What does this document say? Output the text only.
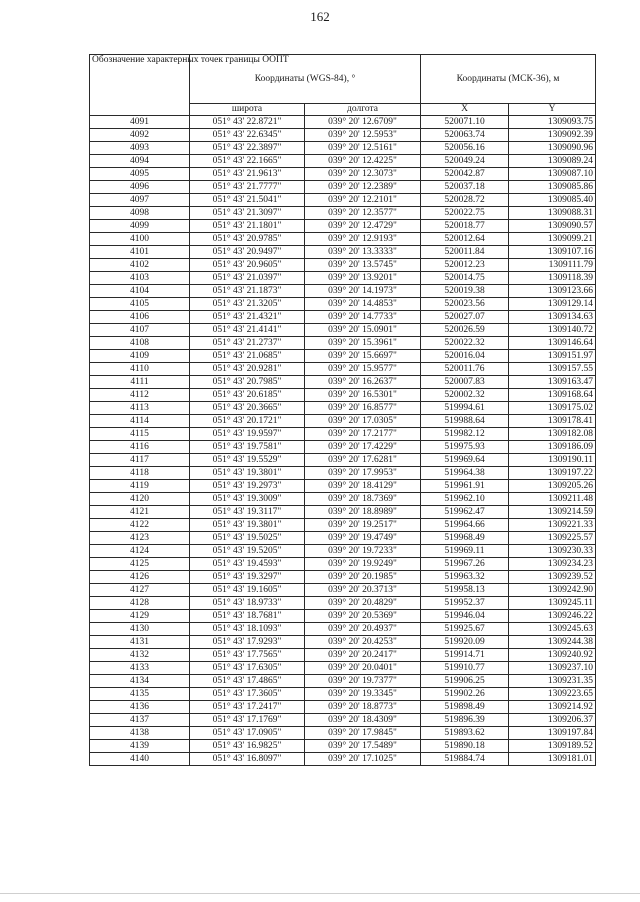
162
Обозначение характерных точек границы ООПТ	Координаты (WGS-84), °		Координаты (МСК-36), м	
	широта	долгота	X	Y
4091	051° 43' 22.8721"	039° 20' 12.6709"	520071.10	1309093.75
4092	051° 43' 22.6345"	039° 20' 12.5953"	520063.74	1309092.39
4093	051° 43' 22.3897"	039° 20' 12.5161"	520056.16	1309090.96
4094	051° 43' 22.1665"	039° 20' 12.4225"	520049.24	1309089.24
4095	051° 43' 21.9613"	039° 20' 12.3073"	520042.87	1309087.10
4096	051° 43' 21.7777"	039° 20' 12.2389"	520037.18	1309085.86
4097	051° 43' 21.5041"	039° 20' 12.2101"	520028.72	1309085.40
4098	051° 43' 21.3097"	039° 20' 12.3577"	520022.75	1309088.31
4099	051° 43' 21.1801"	039° 20' 12.4729"	520018.77	1309090.57
4100	051° 43' 20.9785"	039° 20' 12.9193"	520012.64	1309099.21
4101	051° 43' 20.9497"	039° 20' 13.3333"	520011.84	1309107.16
4102	051° 43' 20.9605"	039° 20' 13.5745"	520012.23	1309111.79
4103	051° 43' 21.0397"	039° 20' 13.9201"	520014.75	1309118.39
4104	051° 43' 21.1873"	039° 20' 14.1973"	520019.38	1309123.66
4105	051° 43' 21.3205"	039° 20' 14.4853"	520023.56	1309129.14
4106	051° 43' 21.4321"	039° 20' 14.7733"	520027.07	1309134.63
4107	051° 43' 21.4141"	039° 20' 15.0901"	520026.59	1309140.72
4108	051° 43' 21.2737"	039° 20' 15.3961"	520022.32	1309146.64
4109	051° 43' 21.0685"	039° 20' 15.6697"	520016.04	1309151.97
4110	051° 43' 20.9281"	039° 20' 15.9577"	520011.76	1309157.55
4111	051° 43' 20.7985"	039° 20' 16.2637"	520007.83	1309163.47
4112	051° 43' 20.6185"	039° 20' 16.5301"	520002.32	1309168.64
4113	051° 43' 20.3665"	039° 20' 16.8577"	519994.61	1309175.02
4114	051° 43' 20.1721"	039° 20' 17.0305"	519988.64	1309178.41
4115	051° 43' 19.9597"	039° 20' 17.2177"	519982.12	1309182.08
4116	051° 43' 19.7581"	039° 20' 17.4229"	519975.93	1309186.09
4117	051° 43' 19.5529"	039° 20' 17.6281"	519969.64	1309190.11
4118	051° 43' 19.3801"	039° 20' 17.9953"	519964.38	1309197.22
4119	051° 43' 19.2973"	039° 20' 18.4129"	519961.91	1309205.26
4120	051° 43' 19.3009"	039° 20' 18.7369"	519962.10	1309211.48
4121	051° 43' 19.3117"	039° 20' 18.8989"	519962.47	1309214.59
4122	051° 43' 19.3801"	039° 20' 19.2517"	519964.66	1309221.33
4123	051° 43' 19.5025"	039° 20' 19.4749"	519968.49	1309225.57
4124	051° 43' 19.5205"	039° 20' 19.7233"	519969.11	1309230.33
4125	051° 43' 19.4593"	039° 20' 19.9249"	519967.26	1309234.23
4126	051° 43' 19.3297"	039° 20' 20.1985"	519963.32	1309239.52
4127	051° 43' 19.1605"	039° 20' 20.3713"	519958.13	1309242.90
4128	051° 43' 18.9733"	039° 20' 20.4829"	519952.37	1309245.11
4129	051° 43' 18.7681"	039° 20' 20.5369"	519946.04	1309246.22
4130	051° 43' 18.1093"	039° 20' 20.4937"	519925.67	1309245.63
4131	051° 43' 17.9293"	039° 20' 20.4253"	519920.09	1309244.38
4132	051° 43' 17.7565"	039° 20' 20.2417"	519914.71	1309240.92
4133	051° 43' 17.6305"	039° 20' 20.0401"	519910.77	1309237.10
4134	051° 43' 17.4865"	039° 20' 19.7377"	519906.25	1309231.35
4135	051° 43' 17.3605"	039° 20' 19.3345"	519902.26	1309223.65
4136	051° 43' 17.2417"	039° 20' 18.8773"	519898.49	1309214.92
4137	051° 43' 17.1769"	039° 20' 18.4309"	519896.39	1309206.37
4138	051° 43' 17.0905"	039° 20' 17.9845"	519893.62	1309197.84
4139	051° 43' 16.9825"	039° 20' 17.5489"	519890.18	1309189.52
4140	051° 43' 16.8097"	039° 20' 17.1025"	519884.74	1309181.01
